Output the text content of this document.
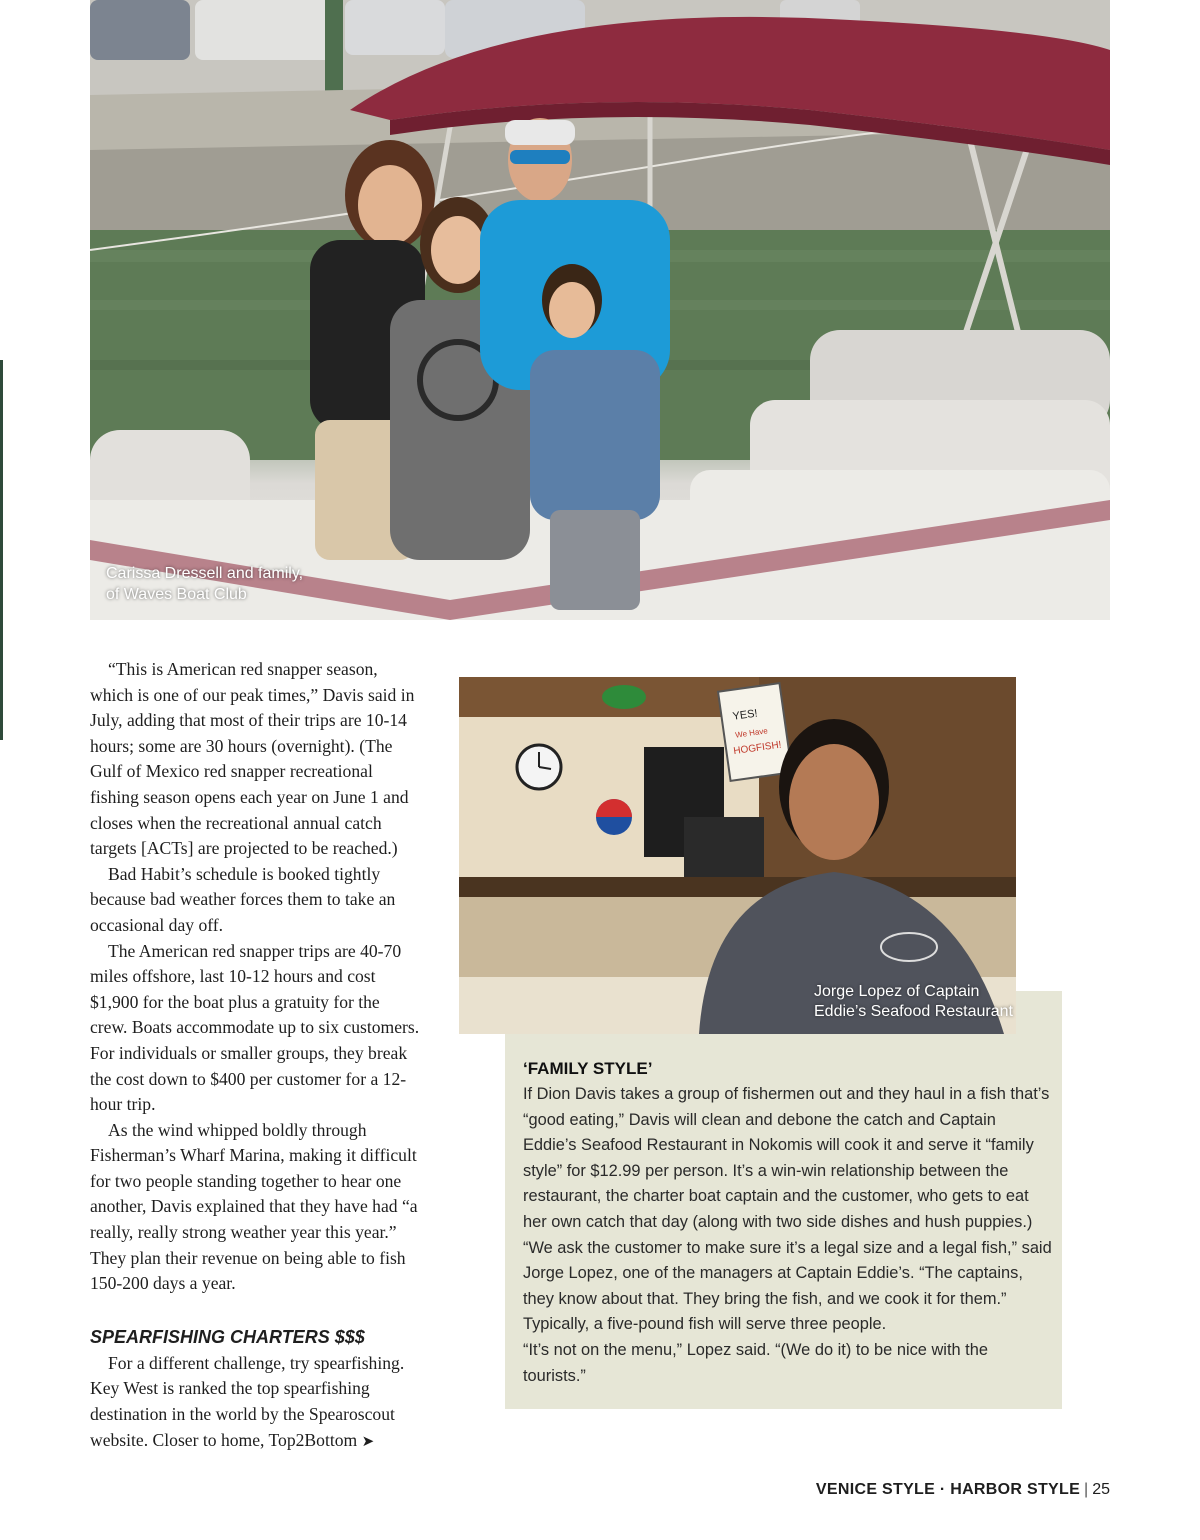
Carissa Dressell and family,
of Waves Boat Club

“This is American red snapper season, which is one of our peak times,” Davis said in July, adding that most of their trips are 10-14 hours; some are 30 hours (overnight). (The Gulf of Mexico red snapper recreational fishing season opens each year on June 1 and closes when the recreational annual catch targets [ACTs] are projected to be reached.)

Bad Habit’s schedule is booked tightly because bad weather forces them to take an occasional day off.

The American red snapper trips are 40-70 miles offshore, last 10-12 hours and cost $1,900 for the boat plus a gratuity for the crew. Boats accommodate up to six customers. For individuals or smaller groups, they break the cost down to $400 per customer for a 12-hour trip.

As the wind whipped boldly through Fisherman’s Wharf Marina, making it difficult for two people standing together to hear one another, Davis explained that they have had “a really, really strong weather year this year.” They plan their revenue on being able to fish 150-200 days a year.

SPEARFISHING CHARTERS $$$

For a different challenge, try spearfishing. Key West is ranked the top spearfishing destination in the world by the Spearoscout website. Closer to home, Top2Bottom ➤

YES!
We Have
HOGFISH!
Jorge Lopez of Captain
Eddie’s Seafood Restaurant
‘FAMILY STYLE’

If Dion Davis takes a group of fishermen out and they haul in a fish that’s “good eating,” Davis will clean and debone the catch and Captain Eddie’s Seafood Restaurant in Nokomis will cook it and serve it “family style” for $12.99 per person. It’s a win-win relationship between the restaurant, the charter boat captain and the customer, who gets to eat her own catch that day (along with two side dishes and hush puppies.)

“We ask the customer to make sure it’s a legal size and a legal fish,” said Jorge Lopez, one of the managers at Captain Eddie’s. “The captains, they know about that. They bring the fish, and we cook it for them.”

Typically, a five-pound fish will serve three people.

“It’s not on the menu,” Lopez said. “(We do it) to be nice with the tourists.”

VENICE STYLE · HARBOR STYLE | 25
